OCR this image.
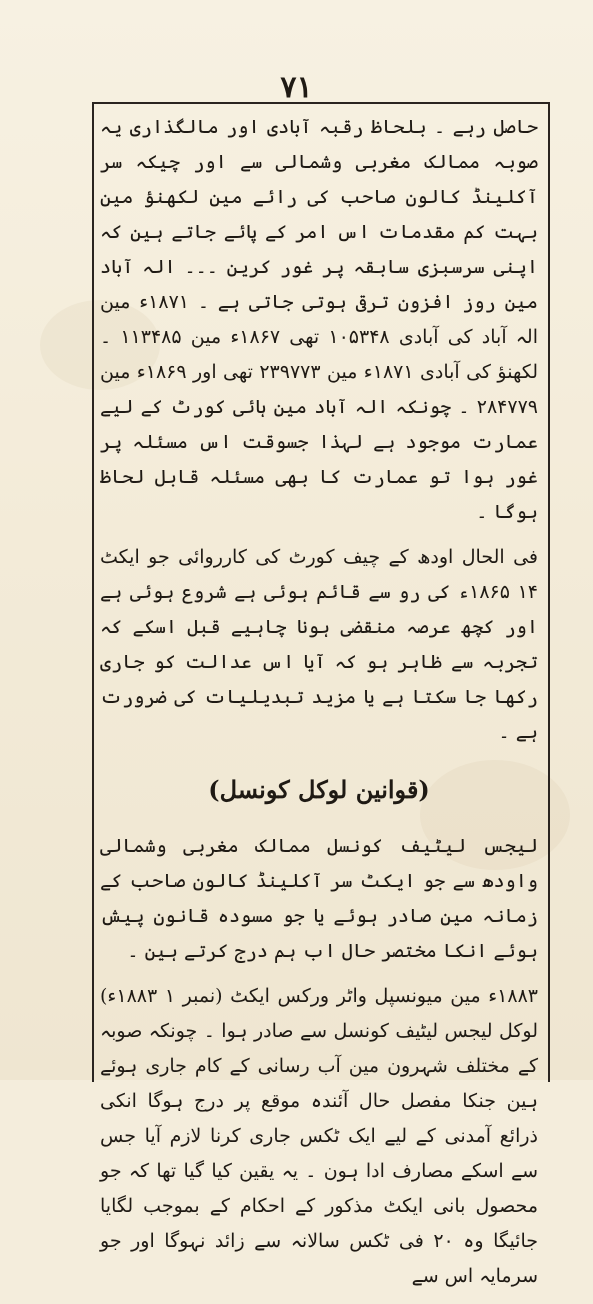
۷۱

حاصل رہے ۔ بلحاظ رقبہ آبادی اور مالگذاری یہ صوبہ ممالک مغربی وشمالی سے اور چیکہ سر آکلینڈ کالون صاحب کی رائے مین لکھنؤ مین بہت کم مقدمات اس امر کے پائے جاتے ہین کہ اپنی سرسبزی سابقہ پر غور کرین ۔۔۔ الہ آباد مین روز افزون ترقی ہوتی جاتی ہے ۔ ۱۸۷۱ء مین الہ آباد کی آبادی ۱۰۵۳۴۸ تھی ۱۸۶۷ء مین ۱۱۳۴۸۵ ۔ لکھنؤ کی آبادی ۱۸۷۱ء مین ۲۳۹۷۷۳ تھی اور ۱۸۶۹ء مین ۲۸۴۷۷۹ ۔ چونکہ الہ آباد مین ہائی کورٹ کے لیے عمارت موجود ہے لہذا جسوقت اس مسئلہ پر غور ہوا تو عمارت کا بھی مسئلہ قابل لحاظ ہوگا ۔

فی الحال اودھ کے چیف کورٹ کی کارروائی جو ایکٹ ۱۴ ۱۸۶۵ء کی رو سے قائم ہوئی ہے شروع ہوئی ہے اور کچھ عرصہ منقضی ہونا چاہیے قبل اسکے کہ تجربہ سے ظاہر ہو کہ آیا اس عدالت کو جاری رکھا جا سکتا ہے یا مزید تبدیلیات کی ضرورت ہے ۔

(قوانین لوکل کونسل)

لیجس لیٹیف کونسل ممالک مغربی وشمالی واودھ سے جو ایکٹ سر آکلینڈ کالون صاحب کے زمانہ مین صادر ہوئے یا جو مسودہ قانون پیش ہوئے انکا مختصر حال اب ہم درج کرتے ہین ۔

۱۸۸۳ء مین میونسپل واٹر ورکس ایکٹ (نمبر ۱ ۱۸۸۳ء) لوکل لیجس لیٹیف کونسل سے صادر ہوا ۔ چونکہ صوبہ کے مختلف شہرون مین آب رسانی کے کام جاری ہوئے ہین جنکا مفصل حال آئندہ موقع پر درج ہوگا انکی ذرائع آمدنی کے لیے ایک ٹکس جاری کرنا لازم آیا جس سے اسکے مصارف ادا ہون ۔ یہ یقین کیا گیا تھا کہ جو محصول بانی ایکٹ مذکور کے احکام کے بموجب لگایا جائیگا وہ ۲۰ فی ٹکس سالانہ سے زائد نہوگا اور جو سرمایہ اس سے
